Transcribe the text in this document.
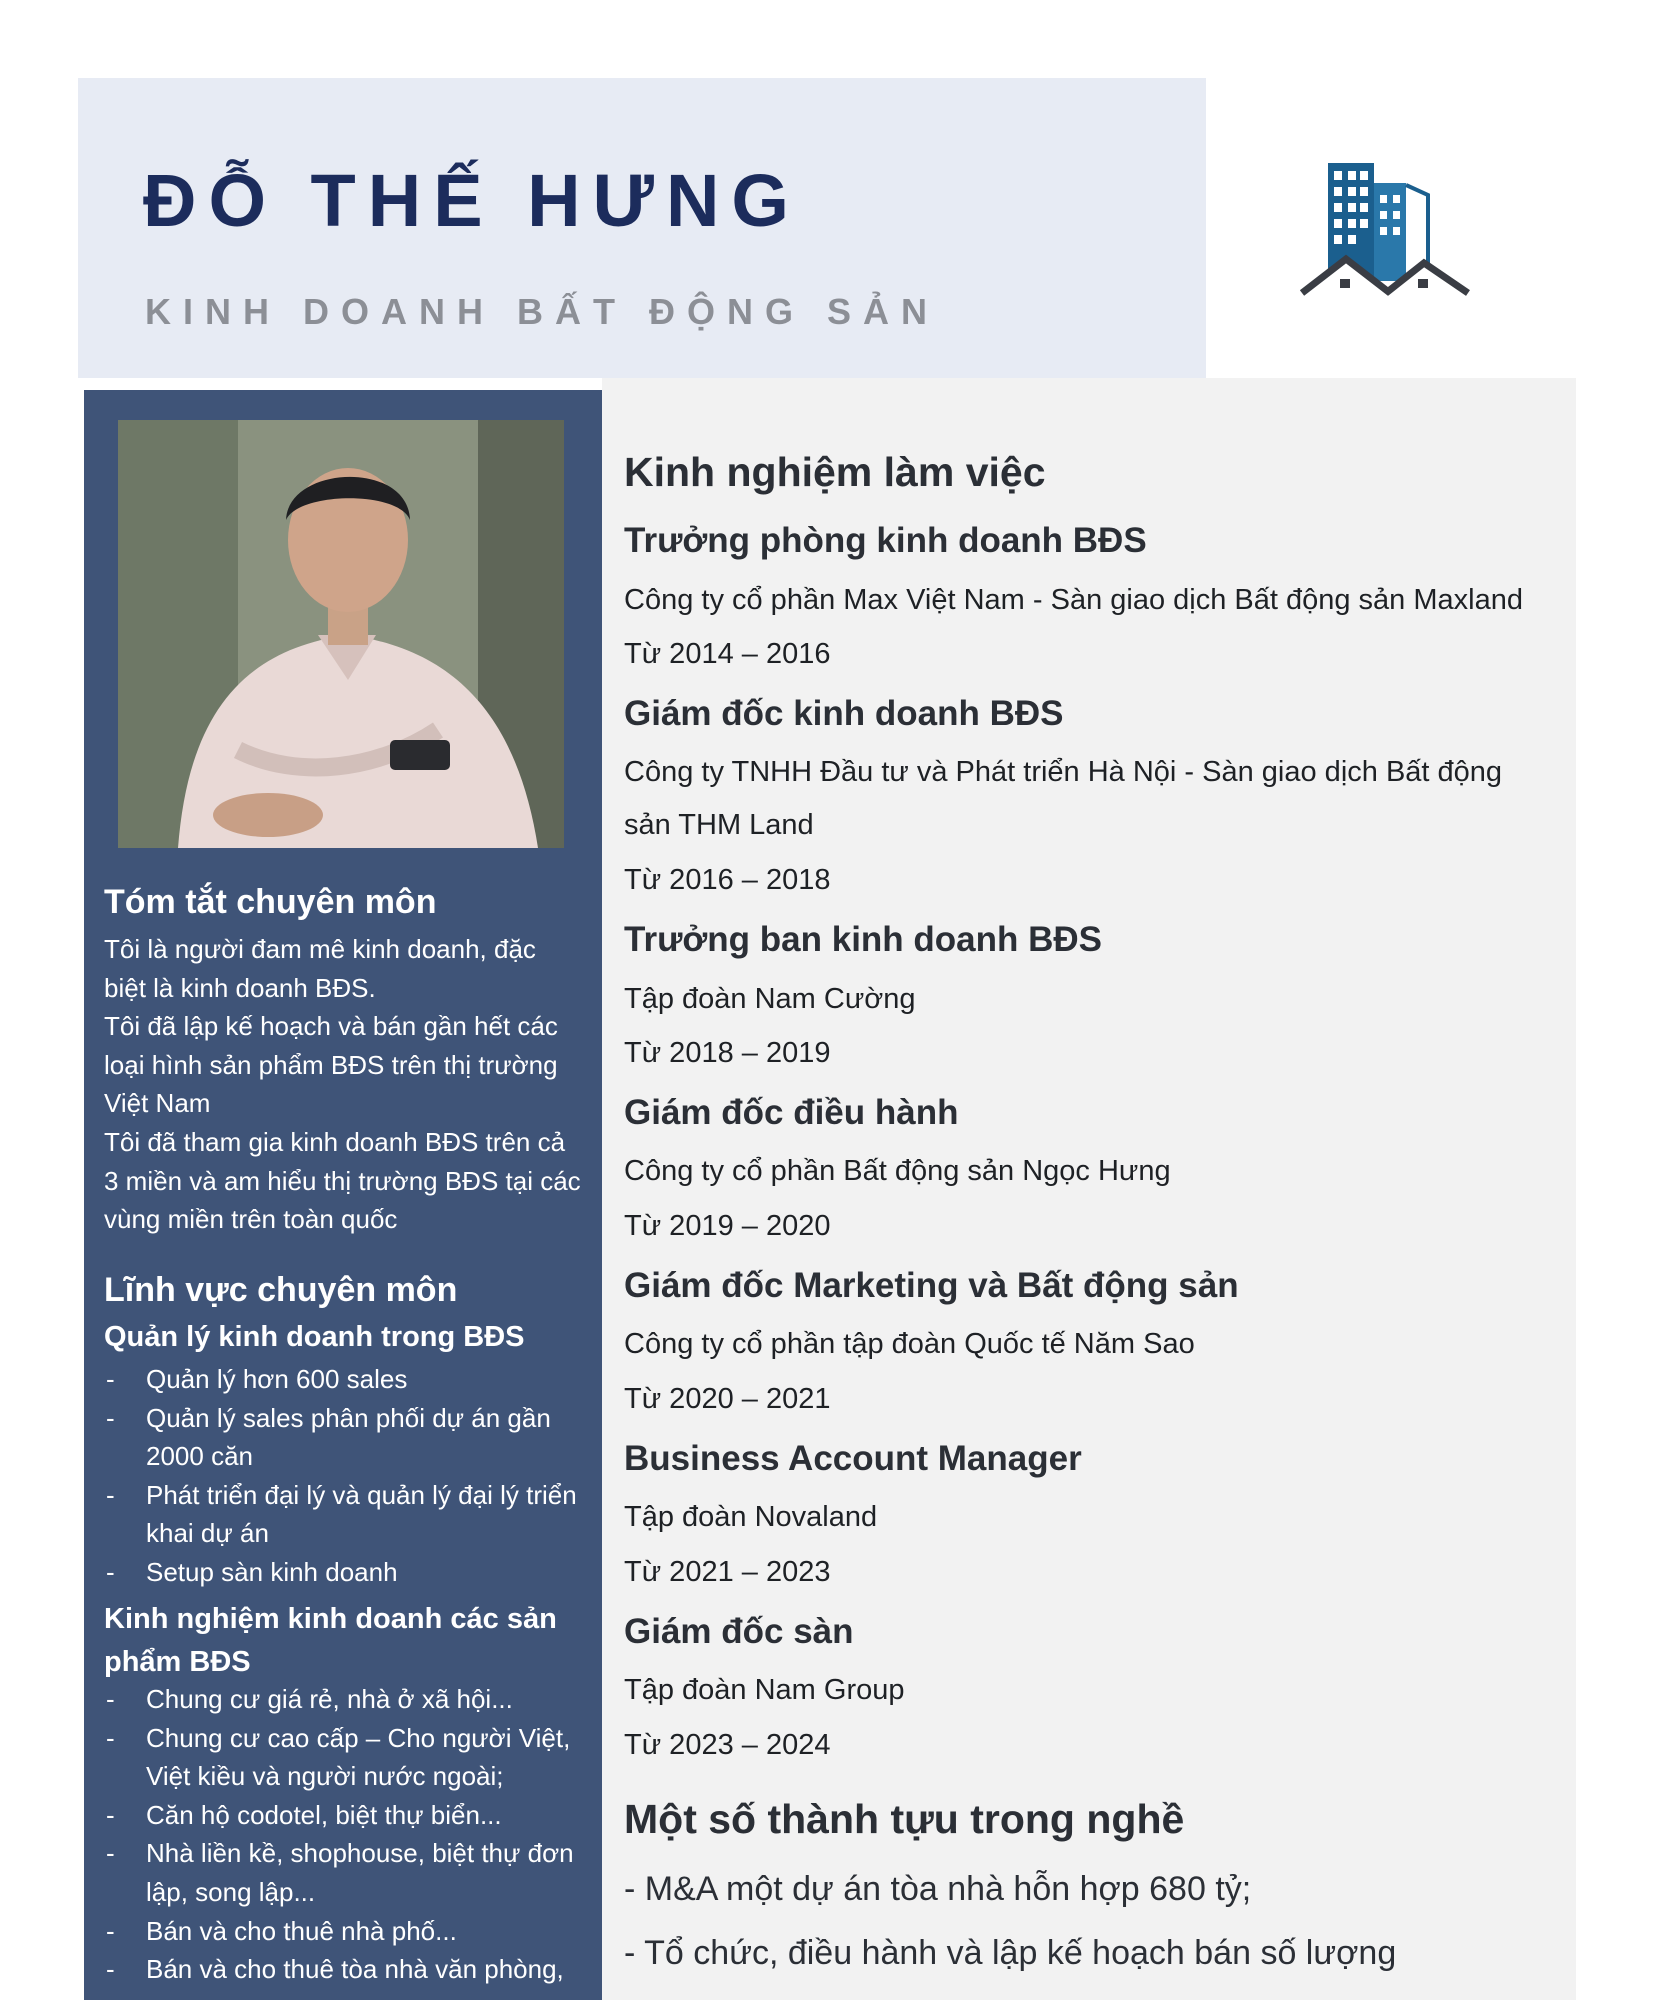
ĐỖ THẾ HƯNG

KINH DOANH BẤT ĐỘNG SẢN

Tóm tắt chuyên môn

Tôi là người đam mê kinh doanh, đặc biệt là kinh doanh BĐS.

Tôi đã lập kế hoạch và bán gần hết các loại hình sản phẩm BĐS trên thị trường Việt Nam

Tôi đã tham gia kinh doanh BĐS trên cả 3 miền và am hiểu thị trường BĐS tại các vùng miền trên toàn quốc

Lĩnh vực chuyên môn
Quản lý kinh doanh trong BĐS
- Quản lý hơn 600 sales
- Quản lý sales phân phối dự án gần 2000 căn
- Phát triển đại lý và quản lý đại lý triển khai dự án
- Setup sàn kinh doanh
Kinh nghiệm kinh doanh các sản phẩm BĐS
- Chung cư giá rẻ, nhà ở xã hội...
- Chung cư cao cấp – Cho người Việt, Việt kiều và người nước ngoài;
- Căn hộ codotel, biệt thự biển...
- Nhà liền kề, shophouse, biệt thự đơn lập, song lập...
- Bán và cho thuê nhà phố...
- Bán và cho thuê tòa nhà văn phòng,
Kinh nghiệm làm việc
Trưởng phòng kinh doanh BĐS

Công ty cổ phần Max Việt Nam - Sàn giao dịch Bất động sản Maxland

Từ 2014 – 2016

Giám đốc kinh doanh BĐS

Công ty TNHH Đầu tư và Phát triển Hà Nội - Sàn giao dịch Bất động sản THM Land

Từ 2016 – 2018

Trưởng ban kinh doanh BĐS

Tập đoàn Nam Cường

Từ 2018 – 2019

Giám đốc điều hành

Công ty cổ phần Bất động sản Ngọc Hưng

Từ 2019 – 2020

Giám đốc Marketing và Bất động sản

Công ty cổ phần tập đoàn Quốc tế Năm Sao

Từ 2020 – 2021

Business Account Manager

Tập đoàn Novaland

Từ 2021 – 2023

Giám đốc sàn

Tập đoàn Nam Group

Từ 2023 – 2024

Một số thành tựu trong nghề

- M&A một dự án tòa nhà hỗn hợp 680 tỷ;

- Tổ chức, điều hành và lập kế hoạch bán số lượng
